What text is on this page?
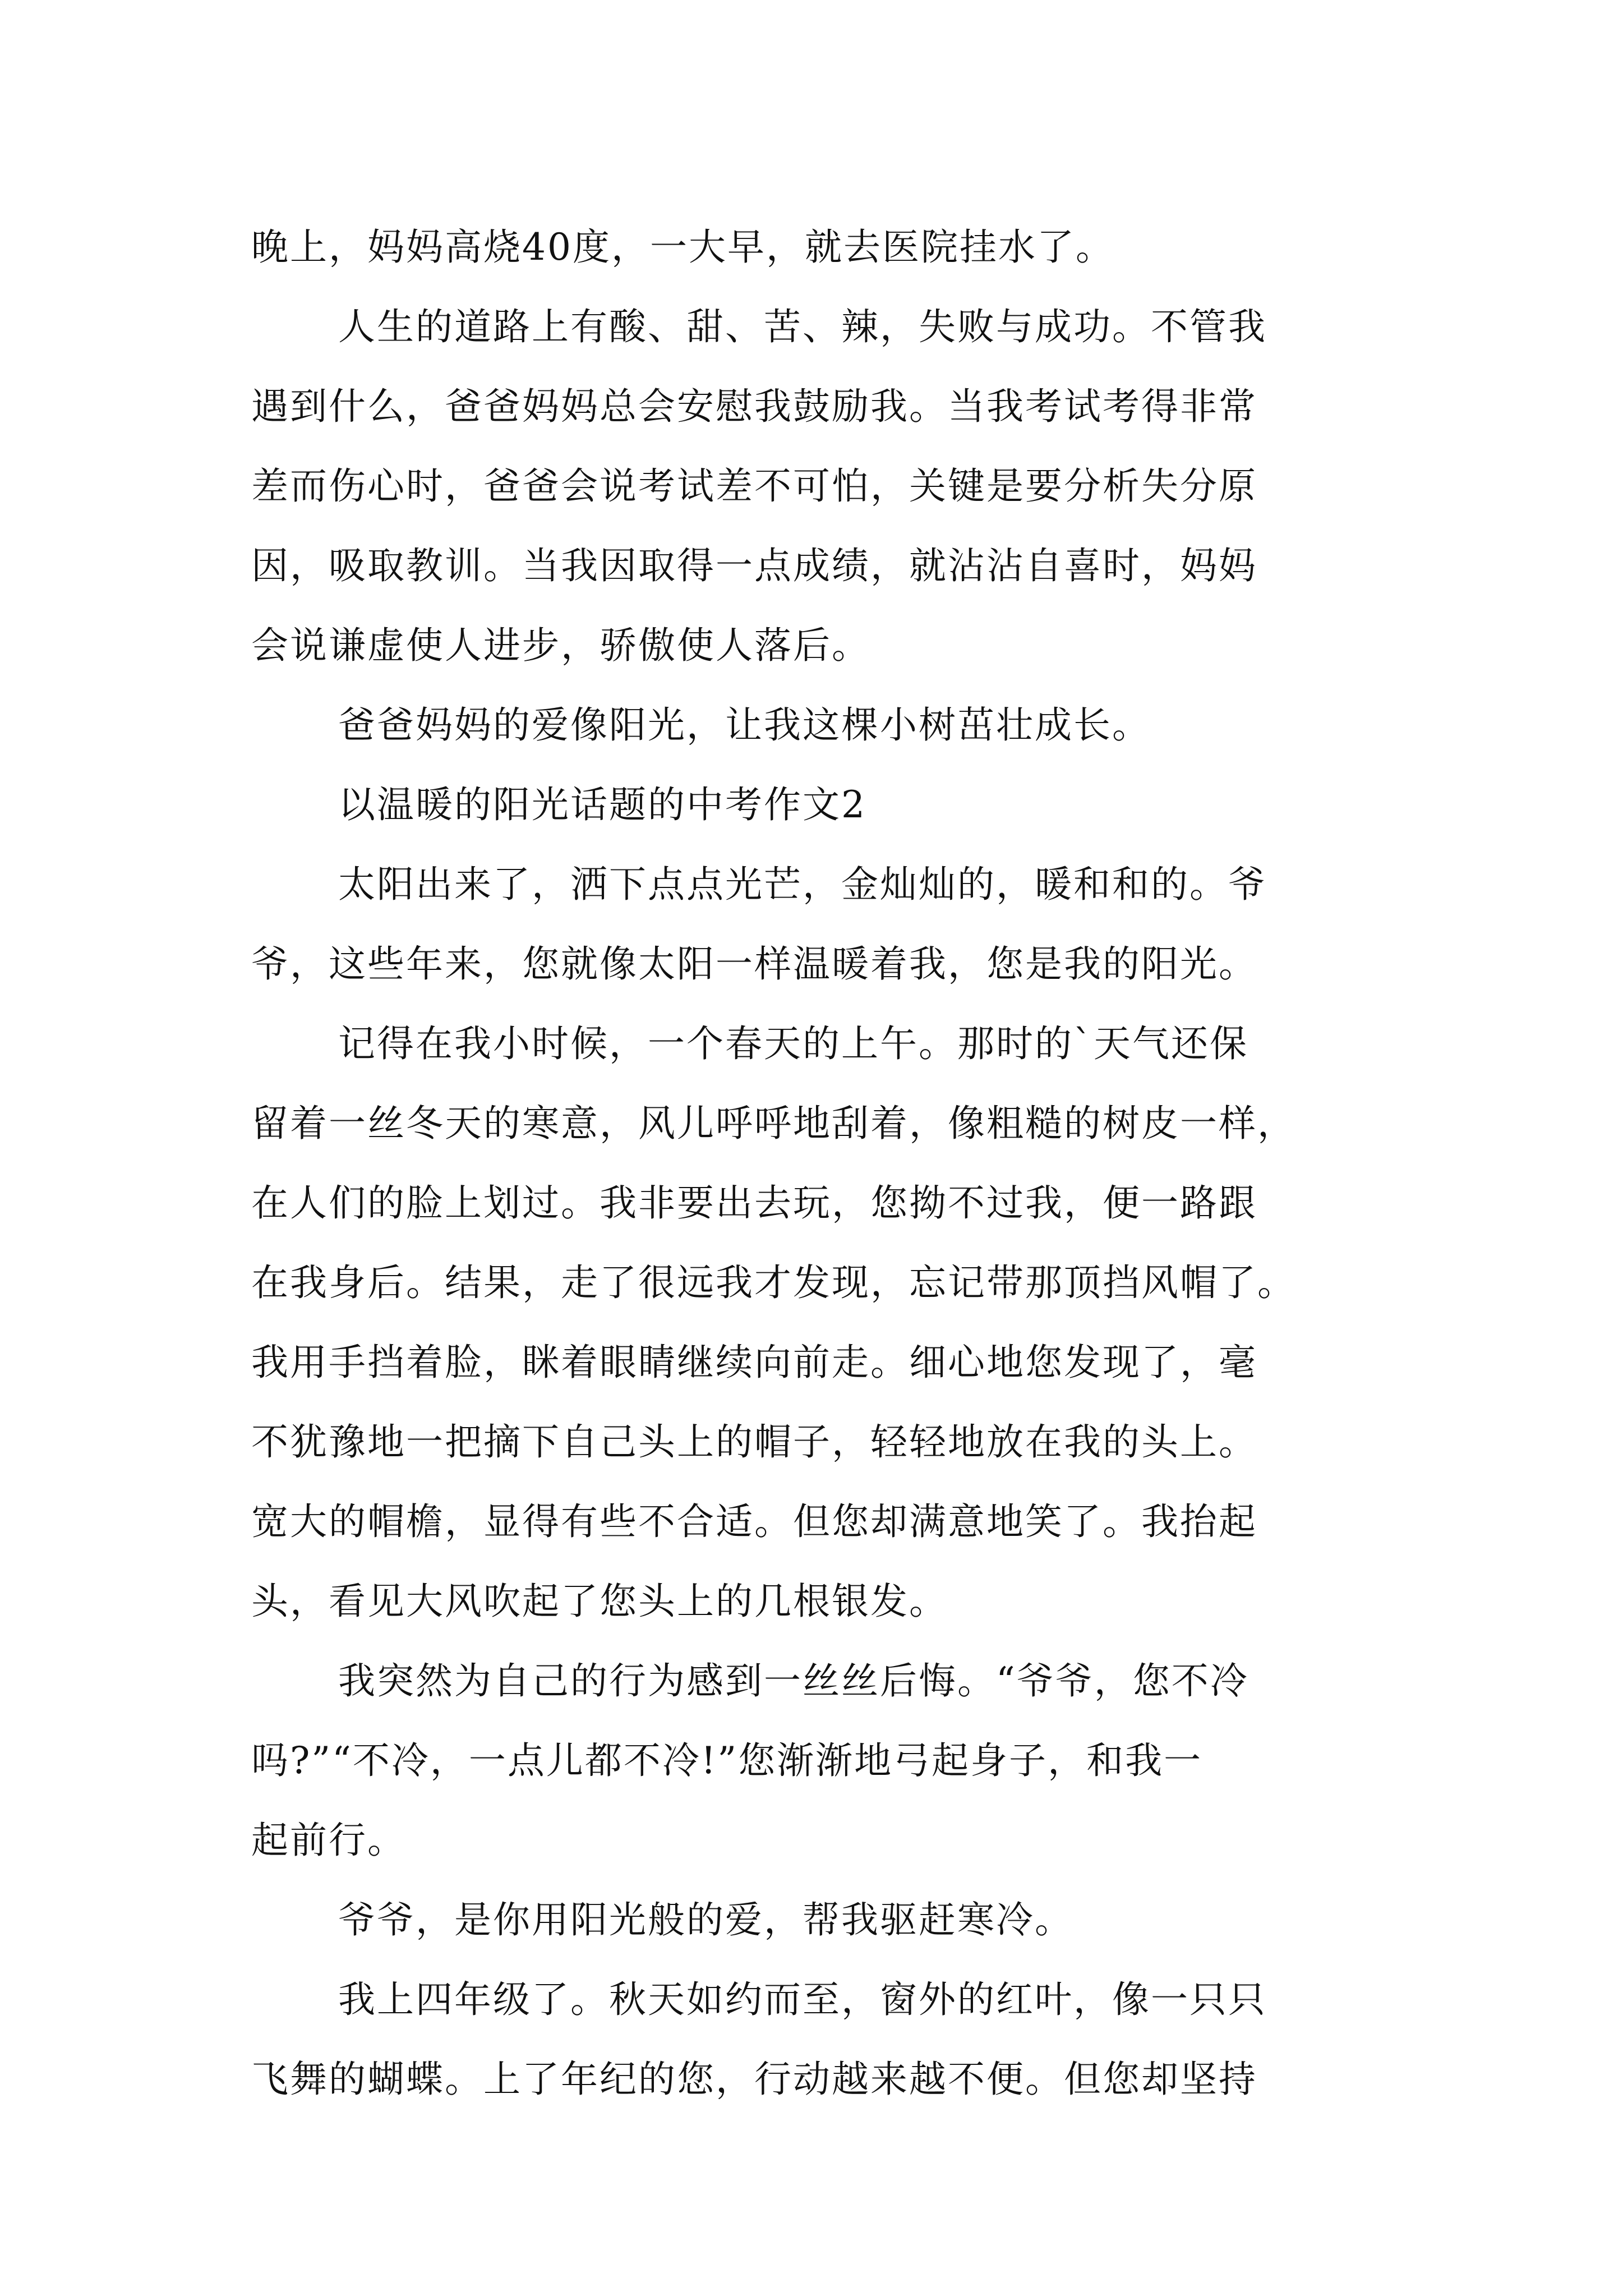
晚上，妈妈高烧40度，一大早，就去医院挂水了。
人生的道路上有酸、甜、苦、辣，失败与成功。不管我
遇到什么，爸爸妈妈总会安慰我鼓励我。当我考试考得非常
差而伤心时，爸爸会说考试差不可怕，关键是要分析失分原
因，吸取教训。当我因取得一点成绩，就沾沾自喜时，妈妈
会说谦虚使人进步，骄傲使人落后。
爸爸妈妈的爱像阳光，让我这棵小树茁壮成长。
以温暖的阳光话题的中考作文2
太阳出来了，洒下点点光芒，金灿灿的，暖和和的。爷
爷，这些年来，您就像太阳一样温暖着我，您是我的阳光。
记得在我小时候，一个春天的上午。那时的`天气还保
留着一丝冬天的寒意，风儿呼呼地刮着，像粗糙的树皮一样，
在人们的脸上划过。我非要出去玩，您拗不过我，便一路跟
在我身后。结果，走了很远我才发现，忘记带那顶挡风帽了。
我用手挡着脸，眯着眼睛继续向前走。细心地您发现了，毫
不犹豫地一把摘下自己头上的帽子，轻轻地放在我的头上。
宽大的帽檐，显得有些不合适。但您却满意地笑了。我抬起
头，看见大风吹起了您头上的几根银发。
我突然为自己的行为感到一丝丝后悔。“爷爷，您不冷
吗?”“不冷，一点儿都不冷!”您渐渐地弓起身子，和我一
起前行。
爷爷，是你用阳光般的爱，帮我驱赶寒冷。
我上四年级了。秋天如约而至，窗外的红叶，像一只只
飞舞的蝴蝶。上了年纪的您，行动越来越不便。但您却坚持
